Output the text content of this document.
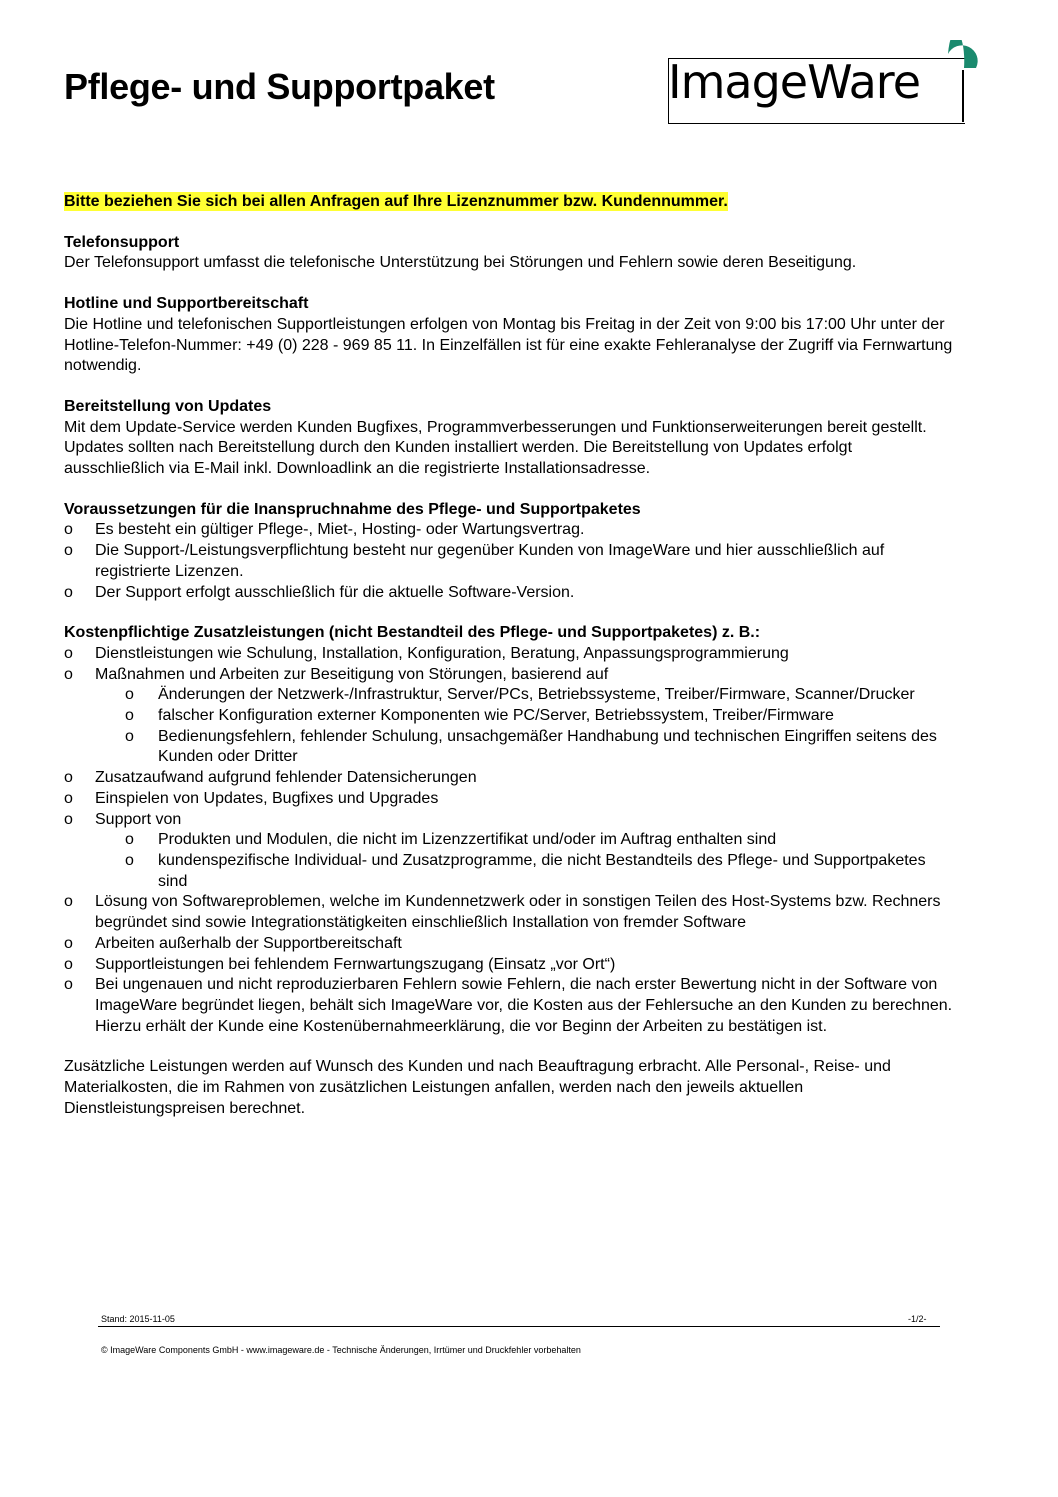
Pflege- und Supportpaket	ImageWare
Bitte beziehen Sie sich bei allen Anfragen auf Ihre Lizenznummer bzw. Kundennummer.
Telefonsupport

Der Telefonsupport umfasst die telefonische Unterstützung bei Störungen und Fehlern sowie deren Beseitigung.

Hotline und Supportbereitschaft

Die Hotline und telefonischen Supportleistungen erfolgen von Montag bis Freitag in der Zeit von 9:00 bis 17:00 Uhr unter der Hotline-Telefon-Nummer: +49 (0) 228 - 969 85 11. In Einzelfällen ist für eine exakte Fehleranalyse der Zugriff via Fernwartung notwendig.

Bereitstellung von Updates

Mit dem Update-Service werden Kunden Bugfixes, Programmverbesserungen und Funktionserweiterungen bereit gestellt. Updates sollten nach Bereitstellung durch den Kunden installiert werden. Die Bereitstellung von Updates erfolgt ausschließlich via E-Mail inkl. Downloadlink an die registrierte Installationsadresse.

Voraussetzungen für die Inanspruchnahme des Pflege- und Supportpaketes
o Es besteht ein gültiger Pflege-, Miet-, Hosting- oder Wartungsvertrag.
o Die Support-/Leistungsverpflichtung besteht nur gegenüber Kunden von ImageWare und hier ausschließlich auf registrierte Lizenzen.
o Der Support erfolgt ausschließlich für die aktuelle Software-Version.
Kostenpflichtige Zusatzleistungen (nicht Bestandteil des Pflege- und Supportpaketes) z. B.:
o Dienstleistungen wie Schulung, Installation, Konfiguration, Beratung, Anpassungsprogrammierung
o Maßnahmen und Arbeiten zur Beseitigung von Störungen, basierend auf
o Änderungen der Netzwerk-/Infrastruktur, Server/PCs, Betriebssysteme, Treiber/Firmware, Scanner/Drucker
o falscher Konfiguration externer Komponenten wie PC/Server, Betriebssystem, Treiber/Firmware
o Bedienungsfehlern, fehlender Schulung, unsachgemäßer Handhabung und technischen Eingriffen seitens des Kunden oder Dritter
o Zusatzaufwand aufgrund fehlender Datensicherungen
o Einspielen von Updates, Bugfixes und Upgrades
o Support von
o Produkten und Modulen, die nicht im Lizenzzertifikat und/oder im Auftrag enthalten sind
o kundenspezifische Individual- und Zusatzprogramme, die nicht Bestandteils des Pflege- und Supportpaketes sind
o Lösung von Softwareproblemen, welche im Kundennetzwerk oder in sonstigen Teilen des Host-Systems bzw. Rechners begründet sind sowie Integrationstätigkeiten einschließlich Installation von fremder Software
o Arbeiten außerhalb der Supportbereitschaft
o Supportleistungen bei fehlendem Fernwartungszugang (Einsatz „vor Ort“)
o Bei ungenauen und nicht reproduzierbaren Fehlern sowie Fehlern, die nach erster Bewertung nicht in der Software von ImageWare begründet liegen, behält sich ImageWare vor, die Kosten aus der Fehlersuche an den Kunden zu berechnen. Hierzu erhält der Kunde eine Kostenübernahmeerklärung, die vor Beginn der Arbeiten zu bestätigen ist.

Zusätzliche Leistungen werden auf Wunsch des Kunden und nach Beauftragung erbracht. Alle Personal-, Reise- und Materialkosten, die im Rahmen von zusätzlichen Leistungen anfallen, werden nach den jeweils aktuellen Dienstleistungspreisen berechnet.

Stand: 2015-11-05	-1/2-
© ImageWare Components GmbH - www.imageware.de - Technische Änderungen, Irrtümer und Druckfehler vorbehalten
